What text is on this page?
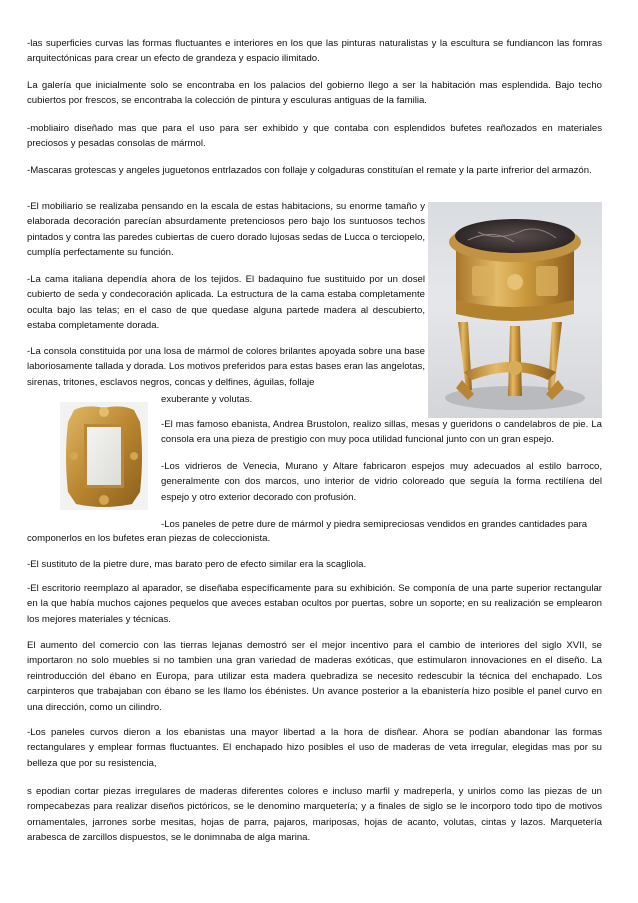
-las superficies curvas las formas fluctuantes e interiores en los que las pinturas naturalistas y la escultura se fundiancon las fomras arquitectónicas para crear un efecto de grandeza y espacio ilimitado.

La galería que inicialmente solo se encontraba en los palacios del gobierno llego a ser la habitación mas esplendida. Bajo techo cubiertos por frescos, se encontraba la colección de pintura y esculuras antiguas de la familia.

-mobliairo diseñado mas que para el uso para ser exhibido y que contaba con esplendidos bufetes reañozados en materiales preciosos y pesadas consolas de mármol.

-Mascaras grotescas y angeles juguetonos entrlazados con follaje y colgaduras constituían el remate y la parte infrerior del armazón.

-El mobiliario se realizaba pensando en la escala de estas habitacions, su enorme tamaño y elaborada decoración parecían absurdamente pretenciosos pero bajo los suntuosos techos pintados y contra las paredes cubiertas de cuero dorado lujosas sedas de Lucca o terciopelo, cumplía perfectamente su función.

-La cama italiana dependía ahora de los tejidos. El badaquino fue sustituido por un dosel cubierto de seda y condecoración aplicada. La estructura de la cama estaba completamente oculta bajo las telas; en el caso de que quedase alguna partede madera al descubierto, estaba completamente dorada.

-La consola constituida por una losa de mármol de colores brilantes apoyada sobre una base laboriosamente tallada y dorada. Los motivos preferidos para estas bases eran las angelotas, sirenas, tritones, esclavos negros, concas y delfines, águilas, follaje

exuberante y volutas.

-El mas famoso ebanista, Andrea Brustolon, realizo sillas, mesas y gueridons o candelabros de pie. La consola era una pieza de prestigio con muy poca utilidad funcional junto con un gran espejo.

-Los vidrieros de Venecia, Murano y Altare fabricaron espejos muy adecuados al estilo barroco, generalmente con dos marcos, uno interior de vidrio coloreado que seguía la forma rectilíena del espejo y otro exterior decorado con profusión.

-Los paneles de petre dure de mármol y piedra semipreciosas vendidos en grandes cantidades para

componerlos en los bufetes eran piezas de coleccionista.

-El sustituto de la pietre dure, mas barato pero de efecto similar era la scagliola.

-El escritorio reemplazo al aparador, se diseñaba específicamente para su exhibición. Se componía de una parte superior rectangular en la que había muchos cajones pequelos que aveces estaban ocultos por puertas, sobre un soporte; en su realización se emplearon los mejores materiales y técnicas.

El aumento del comercio con las tierras lejanas demostró ser el mejor incentivo para el cambio de interiores del siglo XVII, se importaron no solo muebles si no tambien una gran variedad de maderas exóticas, que estimularon innovaciones en el diseño. La reintroducción del ébano en Europa, para utilizar esta madera quebradiza se necesito redescubir la técnica del enchapado. Los carpinteros que trabajaban con ébano se les llamo los ébénistes. Un avance posterior a la ebanistería hizo posible el panel curvo en una dirección, como un cilindro.

-Los paneles curvos dieron a los ebanistas una mayor libertad a la hora de disñear. Ahora se podían abandonar las formas rectangulares y emplear formas fluctuantes. El enchapado hizo posibles el uso de maderas de veta irregular, elegidas mas por su belleza que por su resistencia,

s epodian cortar piezas irregulares de maderas diferentes colores e incluso marfil y madreperla, y unirlos como las piezas de un rompecabezas para realizar diseños pictóricos, se le denomino marquetería; y a finales de siglo se le incorporo todo tipo de motivos ornamentales, jarrones sorbe mesitas, hojas de parra, pajaros, mariposas, hojas de acanto, volutas, cintas y lazos. Marquetería arabesca de zarcillos dispuestos, se le donimnaba de alga marina.
